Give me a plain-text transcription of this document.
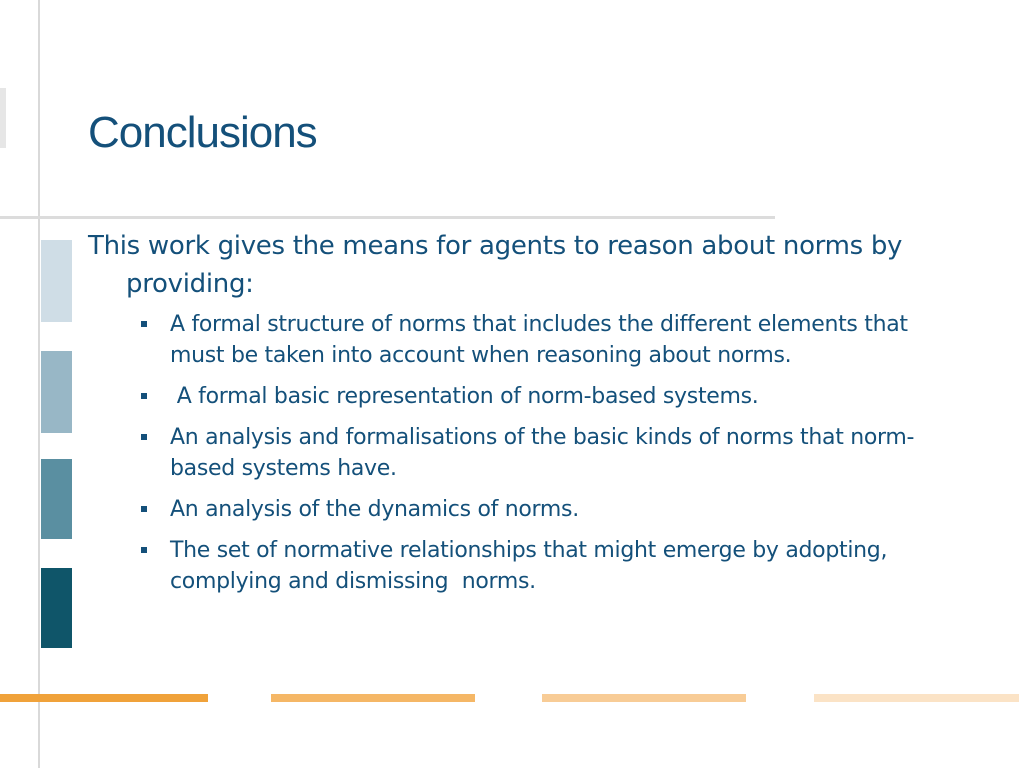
Conclusions

This work gives the means for agents to reason about norms by providing:

A formal structure of norms that includes the different elements that must be taken into account when reasoning about norms.
A formal basic representation of norm-based systems.
An analysis and formalisations of the basic kinds of norms that norm-based systems have.
An analysis of the dynamics of norms.
The set of normative relationships that might emerge by adopting, complying and dismissing  norms.
